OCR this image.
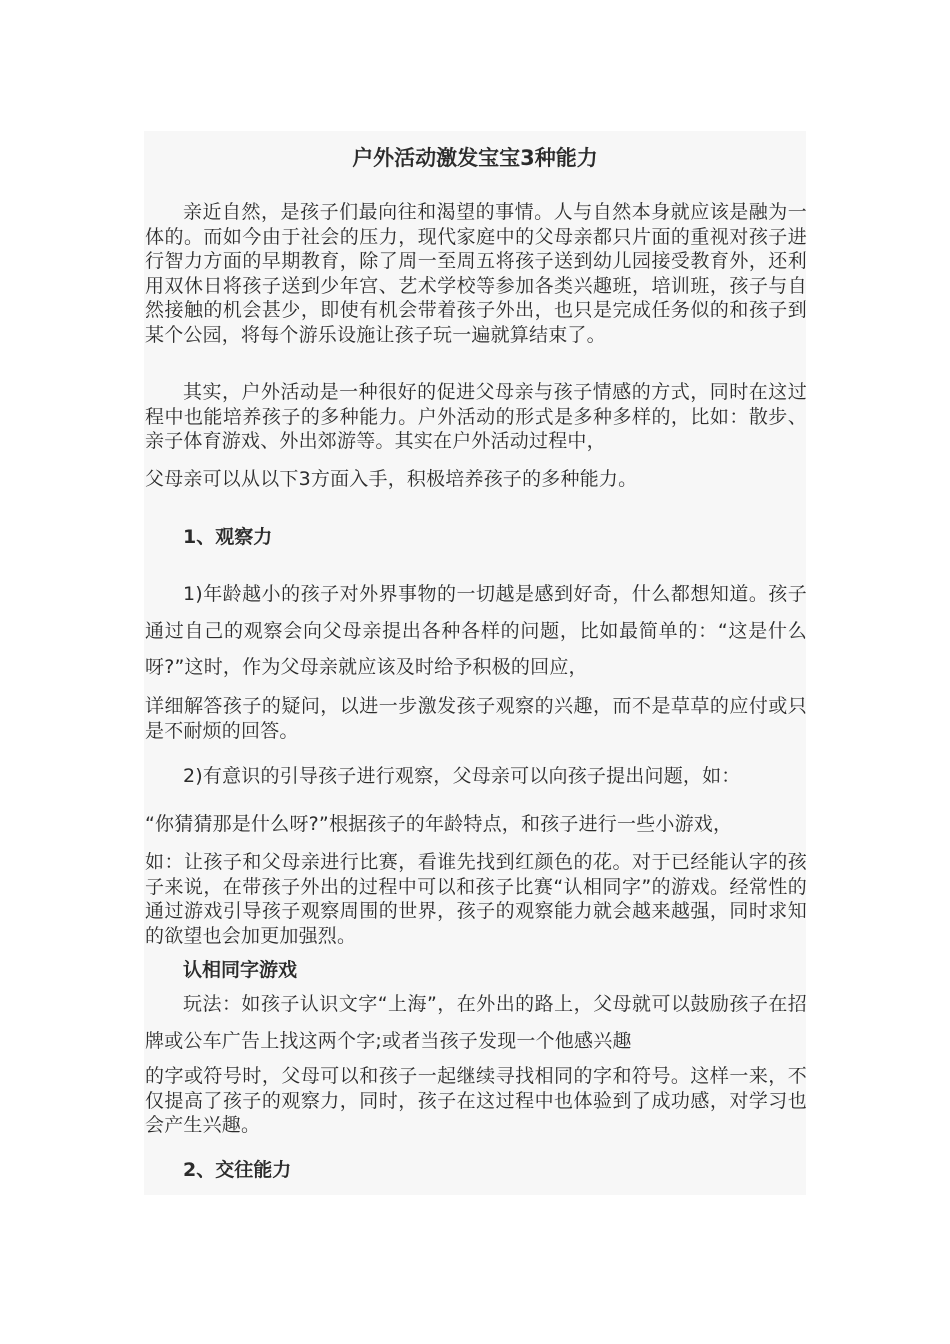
户外活动激发宝宝3种能力

亲近自然，是孩子们最向往和渴望的事情。人与自然本身就应该是融为一体的。而如今由于社会的压力，现代家庭中的父母亲都只片面的重视对孩子进行智力方面的早期教育，除了周一至周五将孩子送到幼儿园接受教育外，还利用双休日将孩子送到少年宫、艺术学校等参加各类兴趣班，培训班，孩子与自然接触的机会甚少，即使有机会带着孩子外出，也只是完成任务似的和孩子到某个公园，将每个游乐设施让孩子玩一遍就算结束了。

其实，户外活动是一种很好的促进父母亲与孩子情感的方式，同时在这过程中也能培养孩子的多种能力。户外活动的形式是多种多样的，比如：散步、亲子体育游戏、外出郊游等。其实在户外活动过程中，

父母亲可以从以下3方面入手，积极培养孩子的多种能力。

1、观察力

1)年龄越小的孩子对外界事物的一切越是感到好奇，什么都想知道。孩子通过自己的观察会向父母亲提出各种各样的问题，比如最简单的：“这是什么呀?”这时，作为父母亲就应该及时给予积极的回应，

详细解答孩子的疑问，以进一步激发孩子观察的兴趣，而不是草草的应付或只是不耐烦的回答。

2)有意识的引导孩子进行观察，父母亲可以向孩子提出问题，如：

“你猜猜那是什么呀?”根据孩子的年龄特点，和孩子进行一些小游戏，

如：让孩子和父母亲进行比赛，看谁先找到红颜色的花。对于已经能认字的孩子来说，在带孩子外出的过程中可以和孩子比赛“认相同字”的游戏。经常性的通过游戏引导孩子观察周围的世界，孩子的观察能力就会越来越强，同时求知的欲望也会加更加强烈。

认相同字游戏

玩法：如孩子认识文字“上海”，在外出的路上，父母就可以鼓励孩子在招牌或公车广告上找这两个字;或者当孩子发现一个他感兴趣

的字或符号时，父母可以和孩子一起继续寻找相同的字和符号。这样一来，不仅提高了孩子的观察力，同时，孩子在这过程中也体验到了成功感，对学习也会产生兴趣。

2、交往能力
